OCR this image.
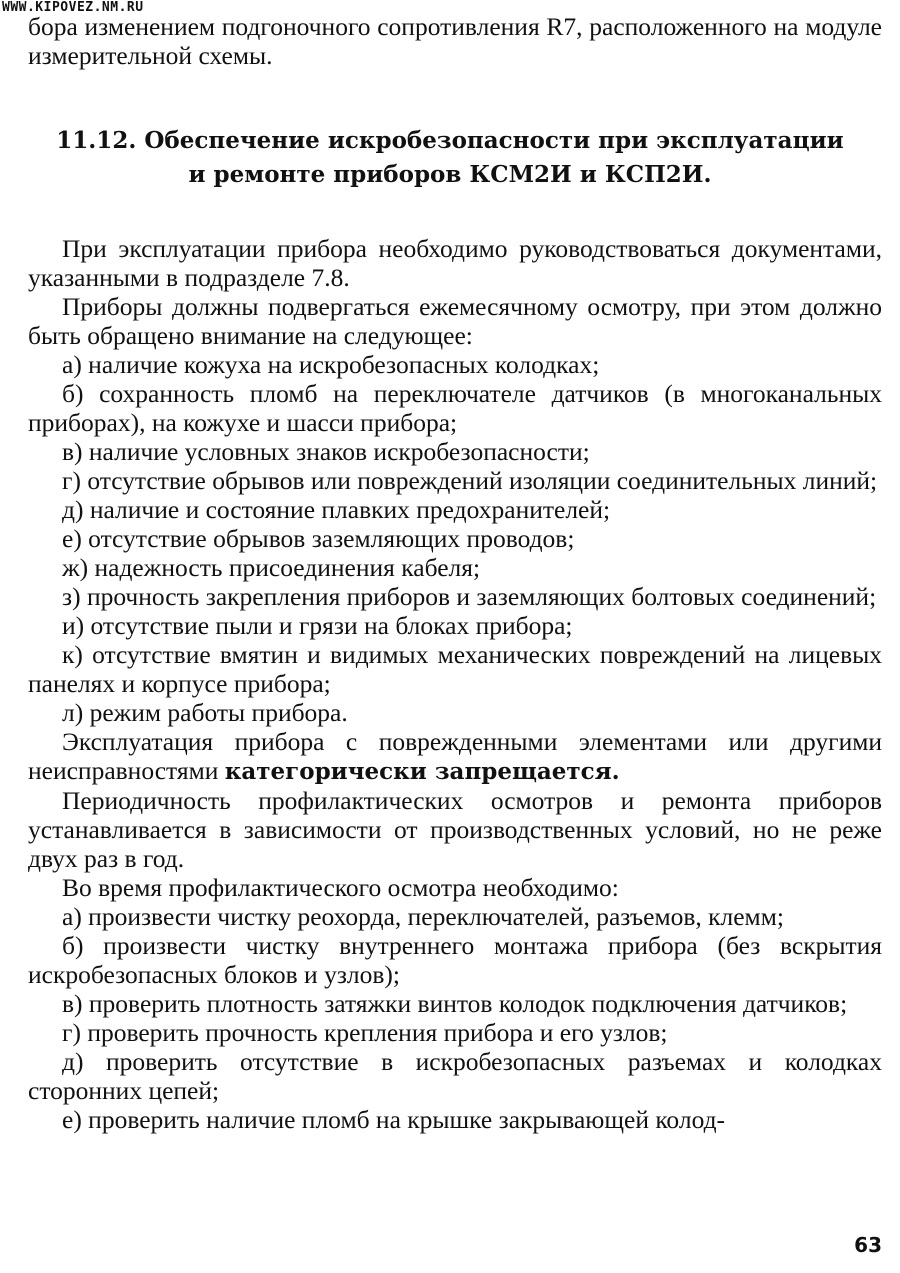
WWW.KIPOVEZ.NM.RU
бора изменением подгоночного сопротивления R7, расположенного на модуле измерительной схемы.
11.12. Обеспечение искробезопасности при эксплуатации
и ремонте приборов КСМ2И и КСП2И.

При эксплуатации прибора необходимо руководствоваться документами, указанными в подразделе 7.8.

Приборы должны подвергаться ежемесячному осмотру, при этом должно быть обращено внимание на следующее:

а) наличие кожуха на искробезопасных колодках;

б) сохранность пломб на переключателе датчиков (в многоканальных приборах), на кожухе и шасси прибора;

в) наличие условных знаков искробезопасности;

г) отсутствие обрывов или повреждений изоляции соединительных линий;

д) наличие и состояние плавких предохранителей;

е) отсутствие обрывов заземляющих проводов;

ж) надежность присоединения кабеля;

з) прочность закрепления приборов и заземляющих болтовых соединений;

и) отсутствие пыли и грязи на блоках прибора;

к) отсутствие вмятин и видимых механических повреждений на лицевых панелях и корпусе прибора;

л) режим работы прибора.

Эксплуатация прибора с поврежденными элементами или другими неисправностями категорически запрещается.

Периодичность профилактических осмотров и ремонта приборов устанавливается в зависимости от производственных условий, но не реже двух раз в год.

Во время профилактического осмотра необходимо:

а) произвести чистку реохорда, переключателей, разъемов, клемм;

б) произвести чистку внутреннего монтажа прибора (без вскрытия искробезопасных блоков и узлов);

в) проверить плотность затяжки винтов колодок подключения датчиков;

г) проверить прочность крепления прибора и его узлов;

д) проверить отсутствие в искробезопасных разъемах и колодках сторонних цепей;

е) проверить наличие пломб на крышке закрывающей колод-

63
